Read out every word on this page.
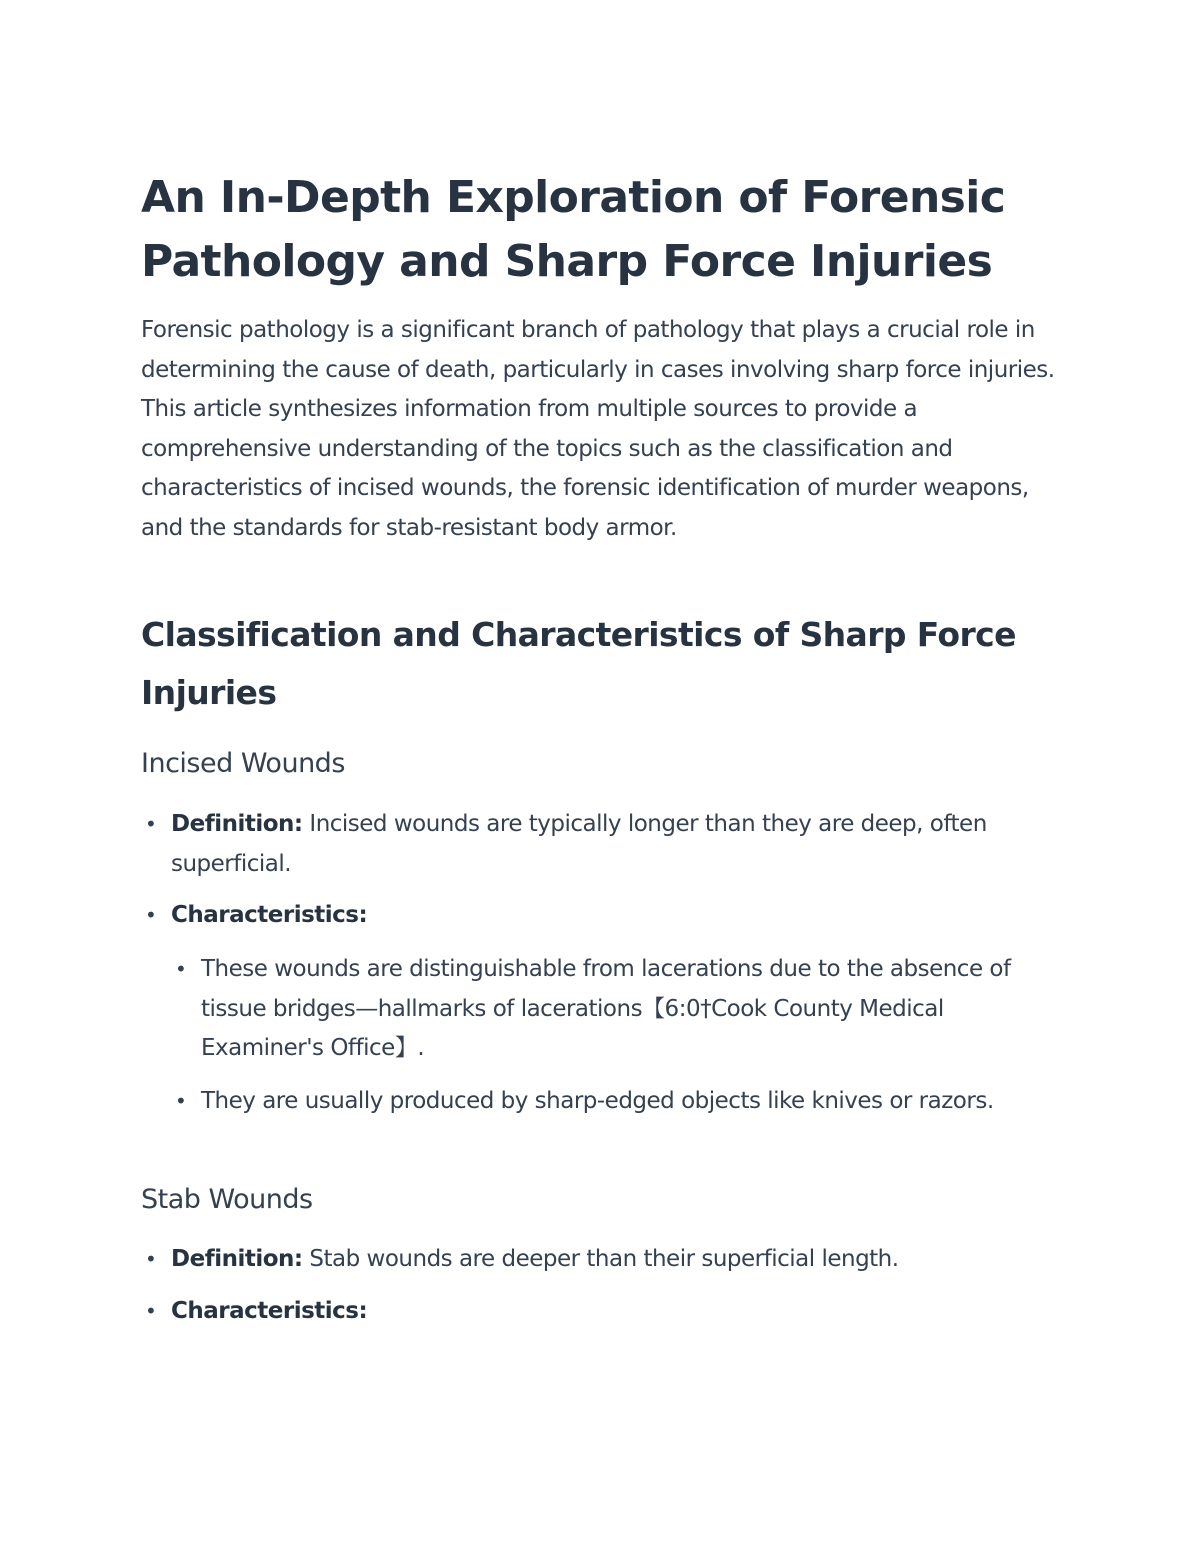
An In-Depth Exploration of Forensic Pathology and Sharp Force Injuries

Forensic pathology is a significant branch of pathology that plays a crucial role in determining the cause of death, particularly in cases involving sharp force injuries. This article synthesizes information from multiple sources to provide a comprehensive understanding of the topics such as the classification and characteristics of incised wounds, the forensic identification of murder weapons, and the standards for stab-resistant body armor.

Classification and Characteristics of Sharp Force Injuries
Incised Wounds
• Definition: Incised wounds are typically longer than they are deep, often superficial.
• Characteristics:
• These wounds are distinguishable from lacerations due to the absence of tissue bridges—hallmarks of lacerations【6:0†Cook County Medical Examiner's Office】.
• They are usually produced by sharp-edged objects like knives or razors.
Stab Wounds
• Definition: Stab wounds are deeper than their superficial length.
• Characteristics:
